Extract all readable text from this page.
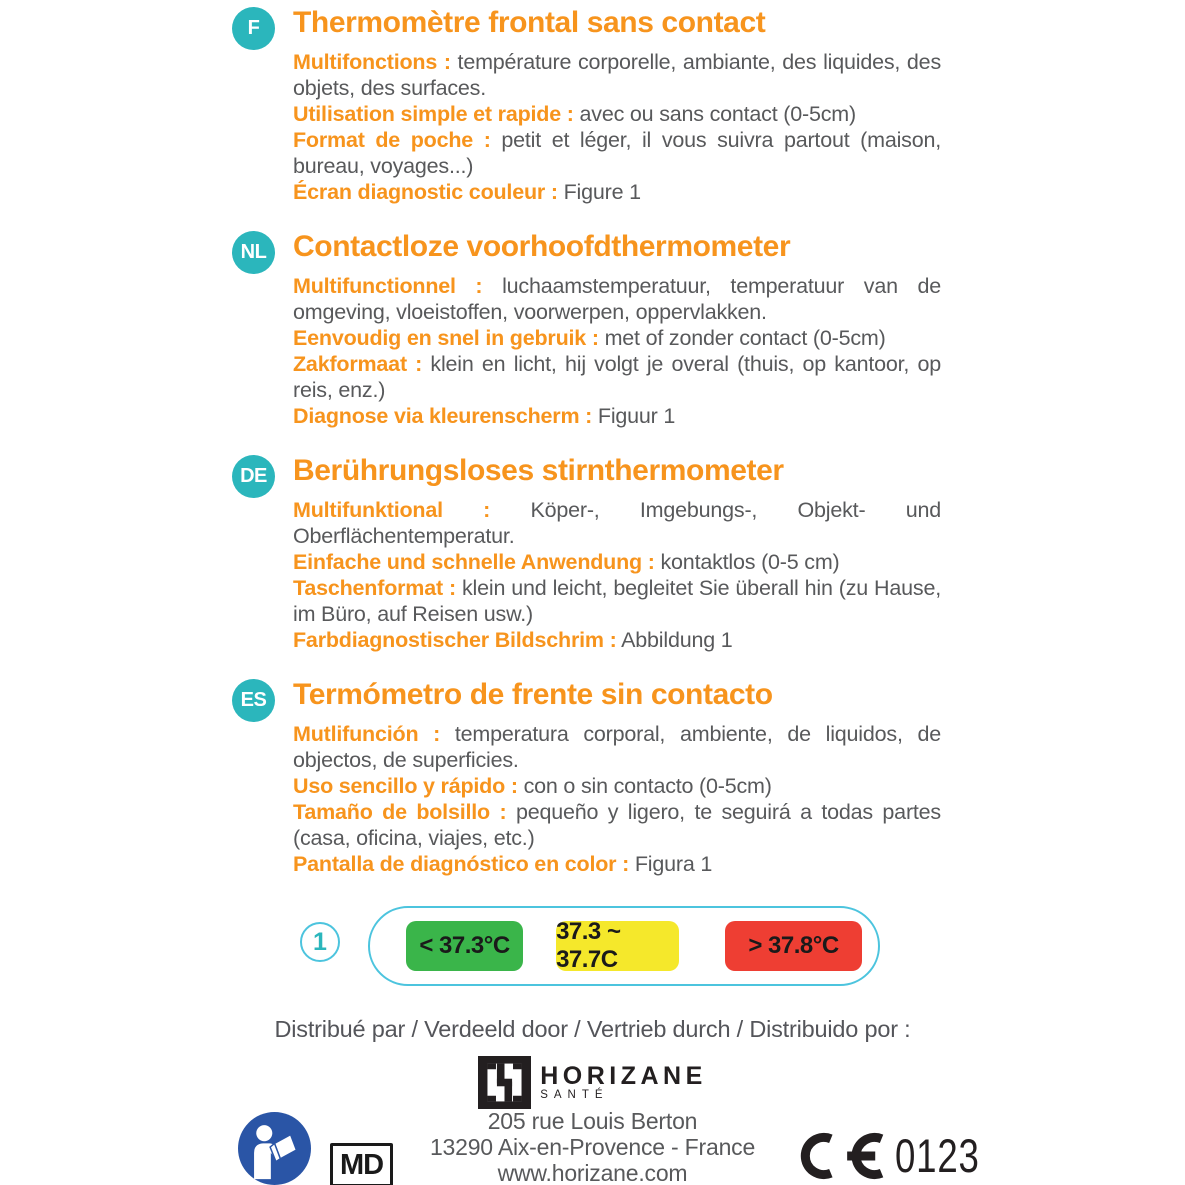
F	Thermomètre frontal sans contact

Multifonctions : température corporelle, ambiante, des liquides, des objets, des surfaces.

Utilisation simple et rapide : avec ou sans contact (0-5cm)

Format de poche : petit et léger, il vous suivra partout (maison, bureau, voyages...)

Écran diagnostic couleur : Figure 1

NL Contactloze voorhoofdthermometer

Multifunctionnel : luchaamstemperatuur, temperatuur van de omgeving, vloeistoffen, voorwerpen, oppervlakken.

Eenvoudig en snel in gebruik : met of zonder contact (0-5cm)

Zakformaat : klein en licht, hij volgt je overal (thuis, op kantoor, op reis, enz.)

Diagnose via kleurenscherm : Figuur 1

DE Berührungsloses stirnthermometer

Multifunktional : Köper-, Imgebungs-, Objekt- und Oberflächentemperatur.

Einfache und schnelle Anwendung : kontaktlos (0-5 cm)

Taschenformat : klein und leicht, begleitet Sie überall hin (zu Hause, im Büro, auf Reisen usw.)

Farbdiagnostischer Bildschrim : Abbildung 1

ES Termómetro de frente sin contacto

Mutlifunción : temperatura corporal, ambiente, de liquidos, de objectos, de superficies.

Uso sencillo y rápido : con o sin contacto (0-5cm)

Tamaño de bolsillo : pequeño y ligero, te seguirá a todas partes (casa, oficina, viajes, etc.)

Pantalla de diagnóstico en color : Figura 1

1	< 37.3°C
37.3 ~ 37.7C
> 37.8°C

Distribué par / Verdeeld door / Vertrieb durch / Distribuido por :

HORIZANE
SANTÉ

205 rue Louis Berton

13290 Aix-en-Provence - France

www.horizane.com

MD	0123
